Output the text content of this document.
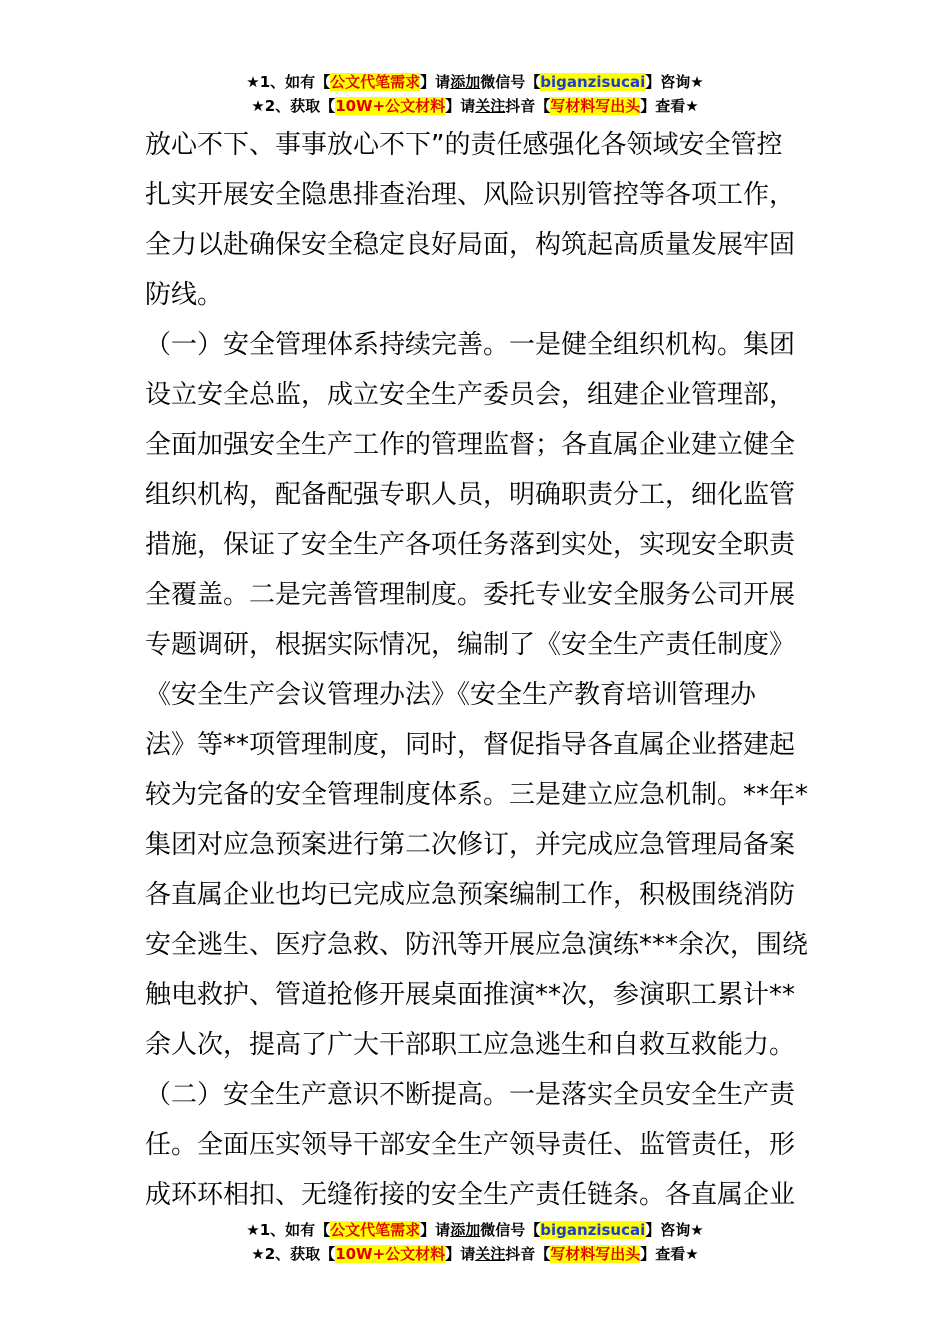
★1、如有【公文代笔需求】请添加微信号【biganzisucai】咨询★
★2、获取【10W+公文材料】请关注抖音【写材料写出头】查看★
放心不下、事事放心不下”的责任感强化各领域安全管控
扎实开展安全隐患排查治理、风险识别管控等各项工作，
全力以赴确保安全稳定良好局面，构筑起高质量发展牢固
防线。
（一）安全管理体系持续完善。一是健全组织机构。集团
设立安全总监，成立安全生产委员会，组建企业管理部，
全面加强安全生产工作的管理监督；各直属企业建立健全
组织机构，配备配强专职人员，明确职责分工，细化监管
措施，保证了安全生产各项任务落到实处，实现安全职责
全覆盖。二是完善管理制度。委托专业安全服务公司开展
专题调研，根据实际情况，编制了《安全生产责任制度》
《安全生产会议管理办法》《安全生产教育培训管理办
法》等**项管理制度，同时，督促指导各直属企业搭建起
较为完备的安全管理制度体系。三是建立应急机制。**年*
集团对应急预案进行第二次修订，并完成应急管理局备案
各直属企业也均已完成应急预案编制工作，积极围绕消防
安全逃生、医疗急救、防汛等开展应急演练***余次，围绕
触电救护、管道抢修开展桌面推演**次，参演职工累计**
余人次，提高了广大干部职工应急逃生和自救互救能力。
（二）安全生产意识不断提高。一是落实全员安全生产责
任。全面压实领导干部安全生产领导责任、监管责任，形
成环环相扣、无缝衔接的安全生产责任链条。各直属企业
★1、如有【公文代笔需求】请添加微信号【biganzisucai】咨询★
★2、获取【10W+公文材料】请关注抖音【写材料写出头】查看★
